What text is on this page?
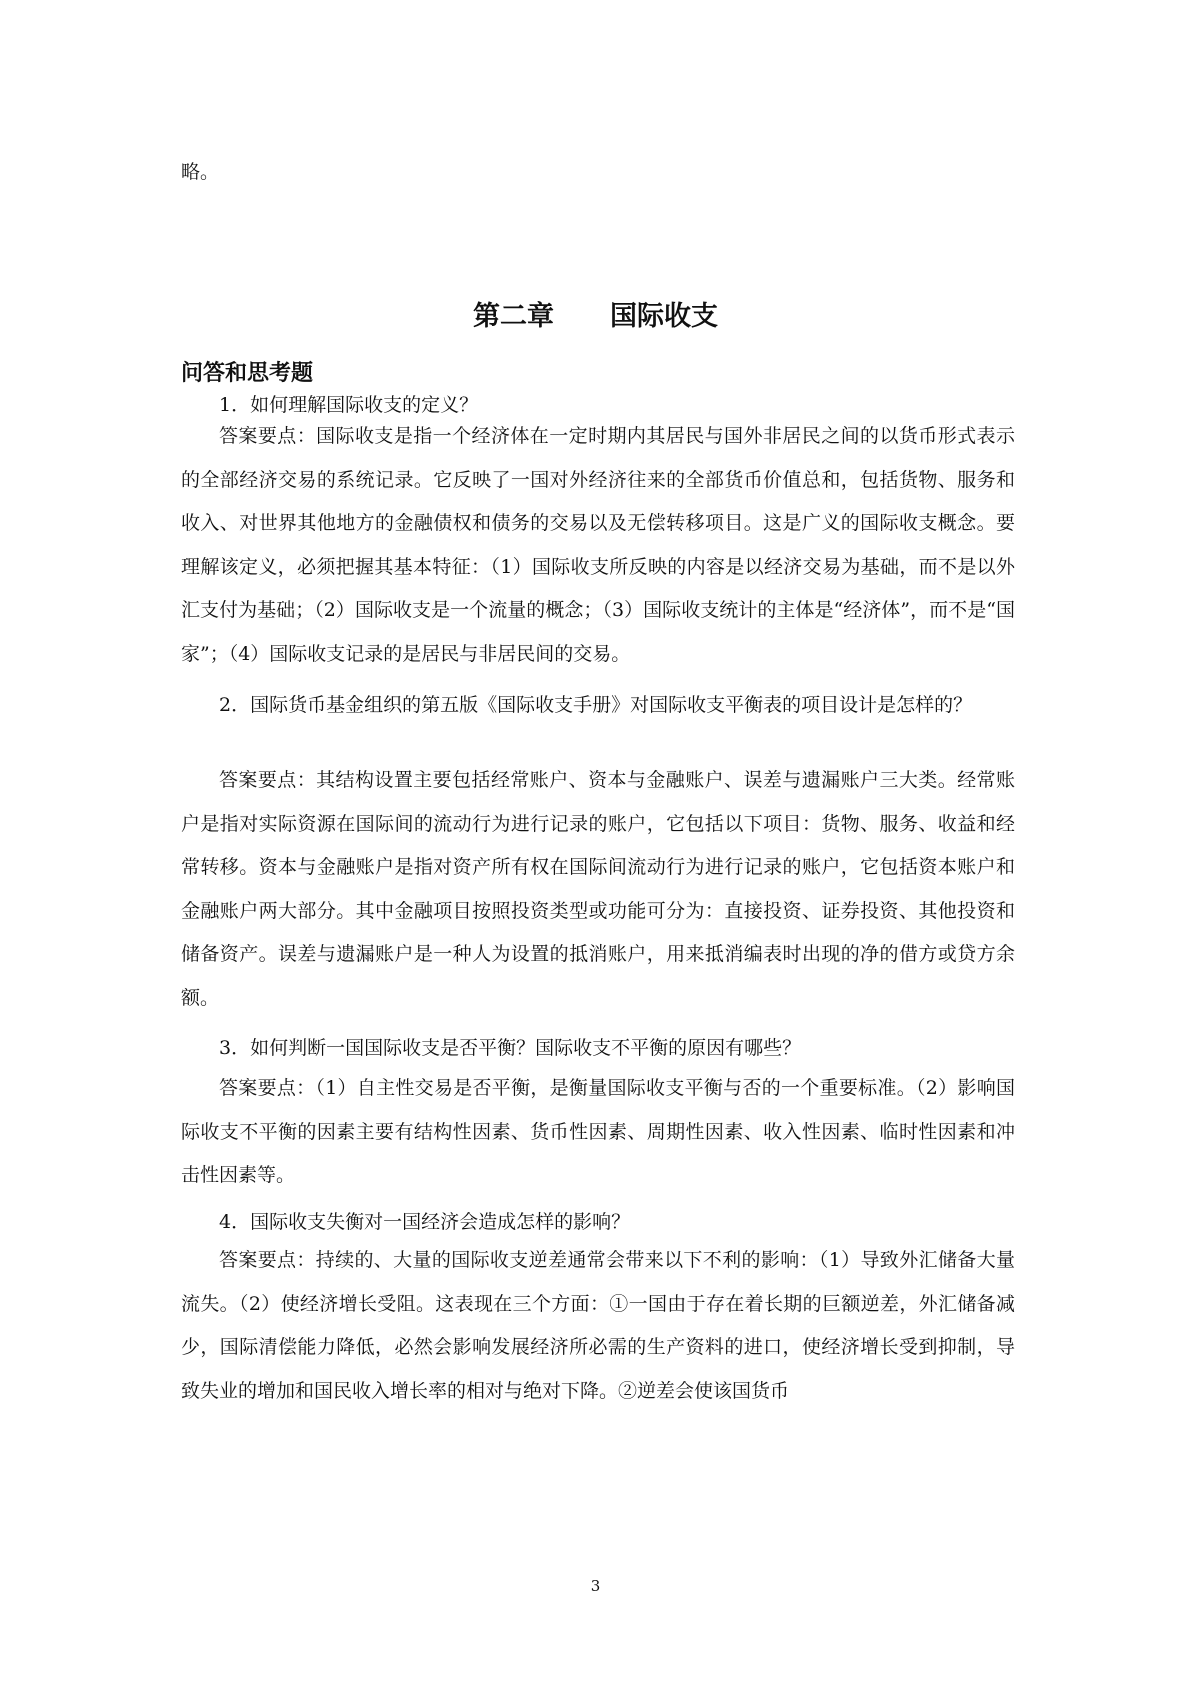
略。
第二章 国际收支
问答和思考题
1．如何理解国际收支的定义？
答案要点：国际收支是指一个经济体在一定时期内其居民与国外非居民之间的以货币形式表示的全部经济交易的系统记录。它反映了一国对外经济往来的全部货币价值总和，包括货物、服务和收入、对世界其他地方的金融债权和债务的交易以及无偿转移项目。这是广义的国际收支概念。要理解该定义，必须把握其基本特征：（1）国际收支所反映的内容是以经济交易为基础，而不是以外汇支付为基础；（2）国际收支是一个流量的概念；（3）国际收支统计的主体是“经济体”，而不是“国家”；（4）国际收支记录的是居民与非居民间的交易。
2．国际货币基金组织的第五版《国际收支手册》对国际收支平衡表的项目设计是怎样的？
答案要点：其结构设置主要包括经常账户、资本与金融账户、误差与遗漏账户三大类。经常账户是指对实际资源在国际间的流动行为进行记录的账户，它包括以下项目：货物、服务、收益和经常转移。资本与金融账户是指对资产所有权在国际间流动行为进行记录的账户，它包括资本账户和金融账户两大部分。其中金融项目按照投资类型或功能可分为：直接投资、证券投资、其他投资和储备资产。误差与遗漏账户是一种人为设置的抵消账户，用来抵消编表时出现的净的借方或贷方余额。
3．如何判断一国国际收支是否平衡？国际收支不平衡的原因有哪些？
答案要点：（1）自主性交易是否平衡，是衡量国际收支平衡与否的一个重要标准。（2）影响国际收支不平衡的因素主要有结构性因素、货币性因素、周期性因素、收入性因素、临时性因素和冲击性因素等。
4．国际收支失衡对一国经济会造成怎样的影响？
答案要点：持续的、大量的国际收支逆差通常会带来以下不利的影响：（1）导致外汇储备大量流失。（2）使经济增长受阻。这表现在三个方面：①一国由于存在着长期的巨额逆差，外汇储备减少，国际清偿能力降低，必然会影响发展经济所必需的生产资料的进口，使经济增长受到抑制，导致失业的增加和国民收入增长率的相对与绝对下降。②逆差会使该国货币
3
